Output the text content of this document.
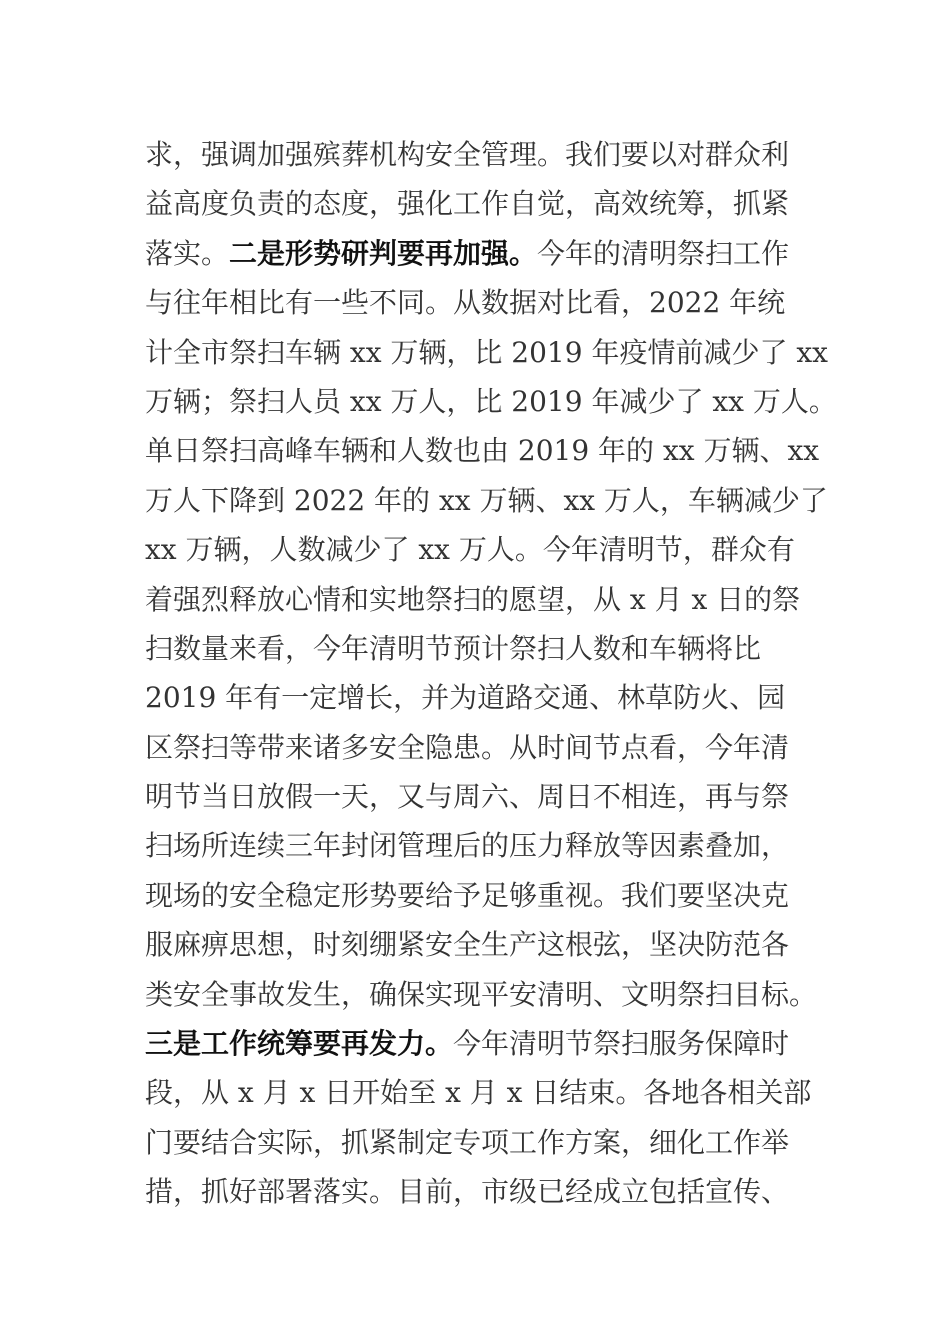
求，强调加强殡葬机构安全管理。我们要以对群众利
益高度负责的态度，强化工作自觉，高效统筹，抓紧
落实。二是形势研判要再加强。今年的清明祭扫工作
与往年相比有一些不同。从数据对比看，2022 年统
计全市祭扫车辆 xx 万辆，比 2019 年疫情前减少了 xx
万辆；祭扫人员 xx 万人，比 2019 年减少了 xx 万人。
单日祭扫高峰车辆和人数也由 2019 年的 xx 万辆、xx
万人下降到 2022 年的 xx 万辆、xx 万人，车辆减少了
xx 万辆，人数减少了 xx 万人。今年清明节，群众有
着强烈释放心情和实地祭扫的愿望，从 x 月 x 日的祭
扫数量来看，今年清明节预计祭扫人数和车辆将比
2019 年有一定增长，并为道路交通、林草防火、园
区祭扫等带来诸多安全隐患。从时间节点看，今年清
明节当日放假一天，又与周六、周日不相连，再与祭
扫场所连续三年封闭管理后的压力释放等因素叠加，
现场的安全稳定形势要给予足够重视。我们要坚决克
服麻痹思想，时刻绷紧安全生产这根弦，坚决防范各
类安全事故发生，确保实现平安清明、文明祭扫目标。
三是工作统筹要再发力。今年清明节祭扫服务保障时
段，从 x 月 x 日开始至 x 月 x 日结束。各地各相关部
门要结合实际，抓紧制定专项工作方案，细化工作举
措，抓好部署落实。目前，市级已经成立包括宣传、
